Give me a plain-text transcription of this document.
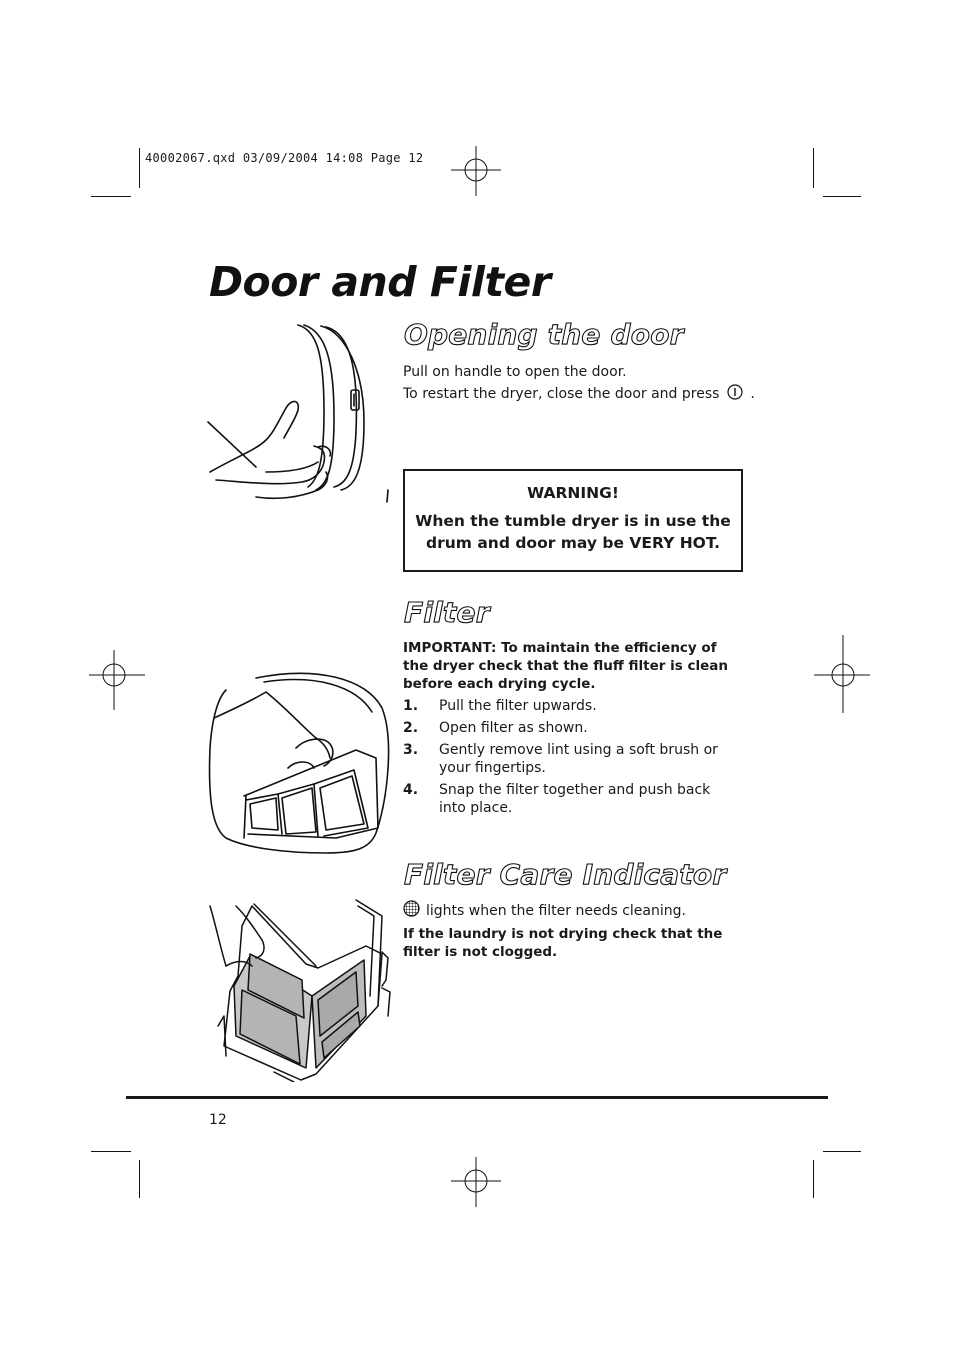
40002067.qxd 03/09/2004 14:08 Page 12
Door and Filter
Opening the door
Pull on handle to open the door.
To restart the dryer, close the door and press .
WARNING!
When the tumble dryer is in use the drum and door may be VERY HOT.
Filter
IMPORTANT: To maintain the efficiency of the dryer check that the fluff filter is clean before each drying cycle.
1. Pull the filter upwards.
2. Open filter as shown.
3. Gently remove lint using a soft brush or your fingertips.
4. Snap the filter together and push back into place.
Filter Care Indicator
lights when the filter needs cleaning.
If the laundry is not drying check that the filter is not clogged.
12
